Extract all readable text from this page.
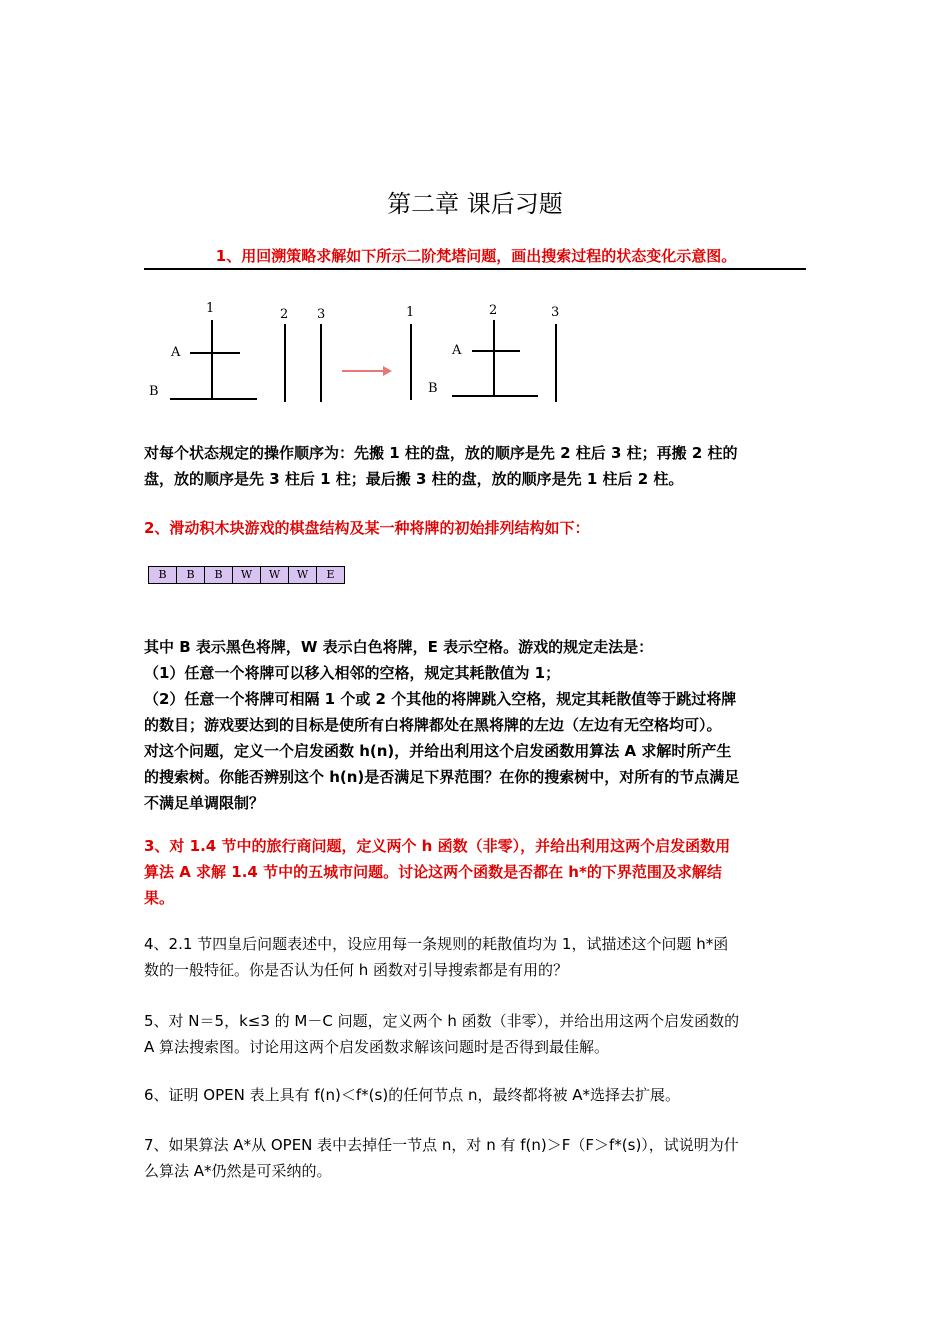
第二章 课后习题

1、用回溯策略求解如下所示二阶梵塔问题，画出搜索过程的状态变化示意图。

1	2 3
A
B
1	2	3
A
B
对每个状态规定的操作顺序为：先搬 1 柱的盘，放的顺序是先 2 柱后 3 柱；再搬 2 柱的
盘，放的顺序是先 3 柱后 1 柱；最后搬 3 柱的盘，放的顺序是先 1 柱后 2 柱。

2、滑动积木块游戏的棋盘结构及某一种将牌的初始排列结构如下：

B	B	B	W	W	W	E
其中 B 表示黑色将牌，W 表示白色将牌，E 表示空格。游戏的规定走法是：
（1）任意一个将牌可以移入相邻的空格，规定其耗散值为 1；
（2）任意一个将牌可相隔 1 个或 2 个其他的将牌跳入空格，规定其耗散值等于跳过将牌
的数目；游戏要达到的目标是使所有白将牌都处在黑将牌的左边（左边有无空格均可）。
对这个问题，定义一个启发函数 h(n)，并给出利用这个启发函数用算法 A 求解时所产生
的搜索树。你能否辨别这个 h(n)是否满足下界范围？在你的搜索树中，对所有的节点满足
不满足单调限制？
3、对 1.4 节中的旅行商问题，定义两个 h 函数（非零），并给出利用这两个启发函数用
算法 A 求解 1.4 节中的五城市问题。讨论这两个函数是否都在 h*的下界范围及求解结
果。
4、2.1 节四皇后问题表述中，设应用每一条规则的耗散值均为 1，试描述这个问题 h*函
数的一般特征。你是否认为任何 h 函数对引导搜索都是有用的？
5、对 N＝5，k≤3 的 M－C 问题，定义两个 h 函数（非零），并给出用这两个启发函数的
A 算法搜索图。讨论用这两个启发函数求解该问题时是否得到最佳解。
6、证明 OPEN 表上具有 f(n)＜f*(s)的任何节点 n，最终都将被 A*选择去扩展。
7、如果算法 A*从 OPEN 表中去掉任一节点 n，对 n 有 f(n)＞F（F＞f*(s)），试说明为什
么算法 A*仍然是可采纳的。
